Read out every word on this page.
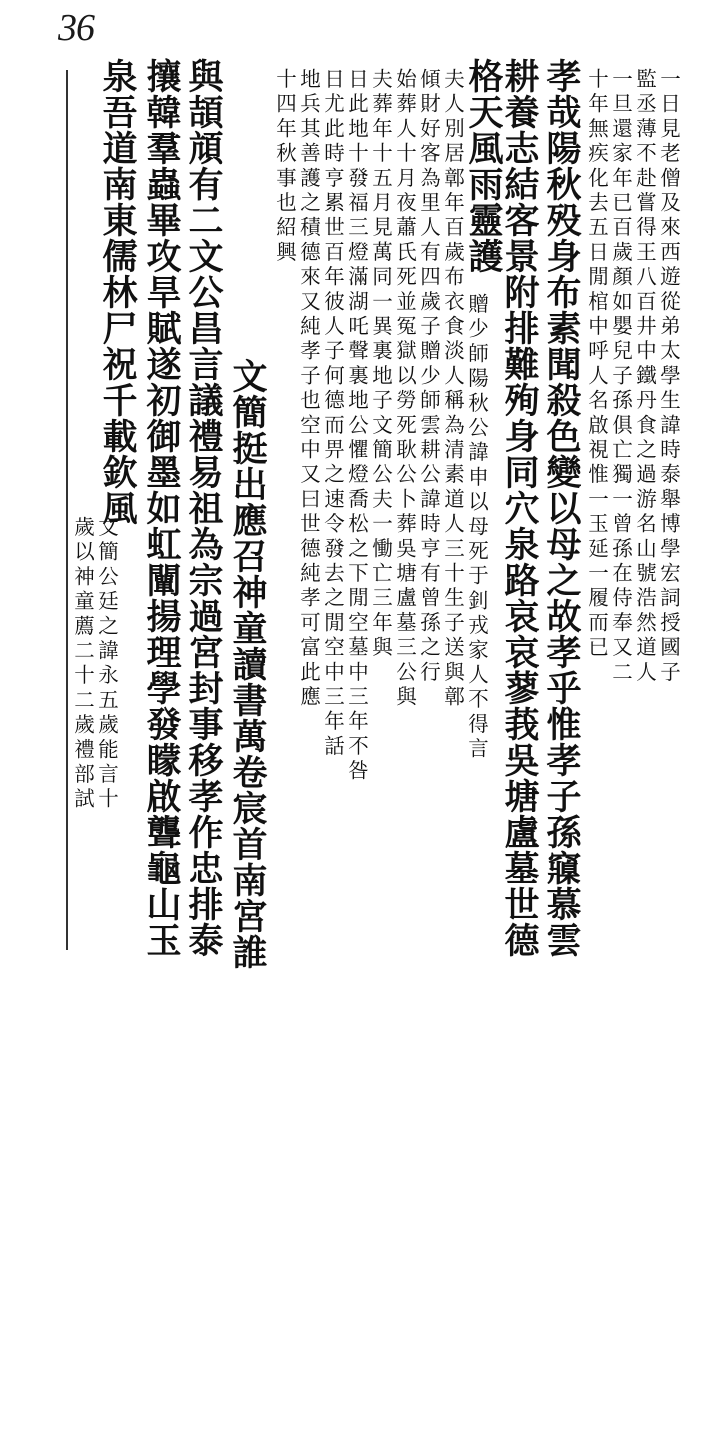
36
一日見老僧及來西遊從弟太學生諱時泰舉博學宏詞授國子
監丞薄不赴嘗得王八百井中鐵丹食之過游名山號浩然道人
一旦還家年已百歲顏如嬰兒子孫俱亡獨一曾孫在侍奉又二
十年無疾化去五日閒棺中呼人名啟視惟一玉延一履而已
孝哉陽秋殁身布素聞殺色變以母之故孝乎惟孝子孫䆿慕雲
耕養志結客景附排難殉身同穴泉路哀哀蓼莪吳塘盧墓世德
贈少師陽秋公諱申以母死于釗戎家人不得言
夫人別居鄣年百歲布衣食淡人稱為清素道人三十生子送與鄣
傾財好客為里人有四歲子贈少師雲耕公諱時亨有曾孫之行
始葬人十月夜蕭氏死並冤獄以勞死耿公卜葬吳塘盧墓三公與
夫葬年十五月見萬同一異裏地子文簡公夫一慟亡三年與
日此地十發福三燈滿湖吒聲裏地公懼燈喬松之下閒空墓中三年不咎
日尤此時亨累世百年彼人子何德而畀之速令發去之閒空中三年話	格天風雨靈護
地兵其善護之積德來又純孝子也空中又曰世德純孝可富此應
十四年秋事也紹興
文簡挺出應召神童讀書萬卷宸首南宮誰
與頡頏有二文公昌言議禮易祖為宗過宮封事移孝作忠排泰
攘韓羣蟲畢攻旱賦遂初御墨如虹闡揚理學發矇啟聾龜山玉
泉吾道南東儒林尸祝千載欽風
文簡公廷之諱永五歲能言十
歲以神童薦二十二歲禮部試
